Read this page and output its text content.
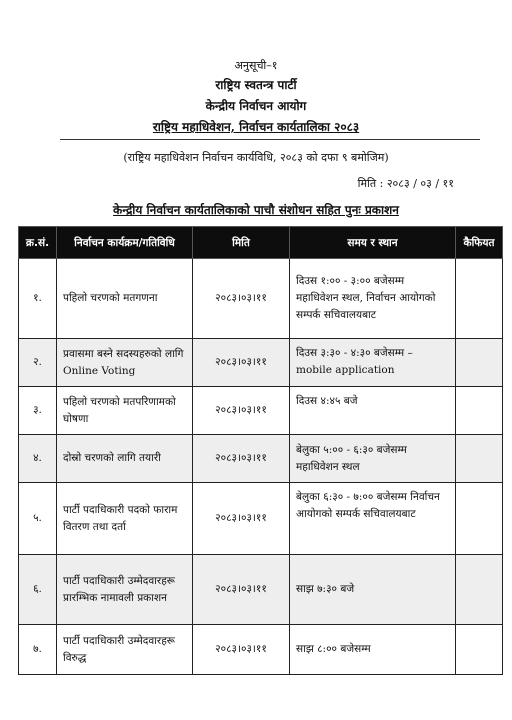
अनुसूची–१
राष्ट्रिय स्वतन्त्र पार्टी
केन्द्रीय निर्वाचन आयोग
राष्ट्रिय महाधिवेशन, निर्वाचन कार्यतालिका २०८३
(राष्ट्रिय महाधिवेशन निर्वाचन कार्यविधि, २०८३ को दफा ९ बमोजिम)
मिति : २०८३ / ०३ / ११
केन्द्रीय निर्वाचन कार्यतालिकाको पाचौ संशोधन सहित पुनः प्रकाशन
क्र.सं.	निर्वाचन कार्यक्रम/गतिविधि	मिति	समय र स्थान	कैफियत
१.	पहिलो चरणको मतगणना	२०८३।०३।११	दिउस १:०० - ३:०० बजेसम्म महाधिवेशन स्थल, निर्वाचन आयोगको सम्पर्क सचिवालयबाट	
२.	प्रवासमा बस्ने सदस्यहरुको लागि Online Voting	२०८३।०३।११	दिउस ३:३० - ४:३० बजेसम्म – mobile application	
३.	पहिलो चरणको मतपरिणामको घोषणा	२०८३।०३।११	दिउस ४:४५ बजे	
४.	दोस्रो चरणको लागि तयारी	२०८३।०३।११	बेलुका ५:०० - ६:३० बजेसम्म महाधिवेशन स्थल	
५.	पार्टी पदाधिकारी पदको फाराम वितरण तथा दर्ता	२०८३।०३।११	बेलुका ६:३० - ७:०० बजेसम्म निर्वाचन आयोगको सम्पर्क सचिवालयबाट	
६.	पार्टी पदाधिकारी उम्मेदवारहरू प्रारम्भिक नामावली प्रकाशन	२०८३।०३।११	साझ ७:३० बजे	
७.	पार्टी पदाधिकारी उम्मेदवारहरू विरुद्ध	२०८३।०३।११	साझ ८:०० बजेसम्म	
